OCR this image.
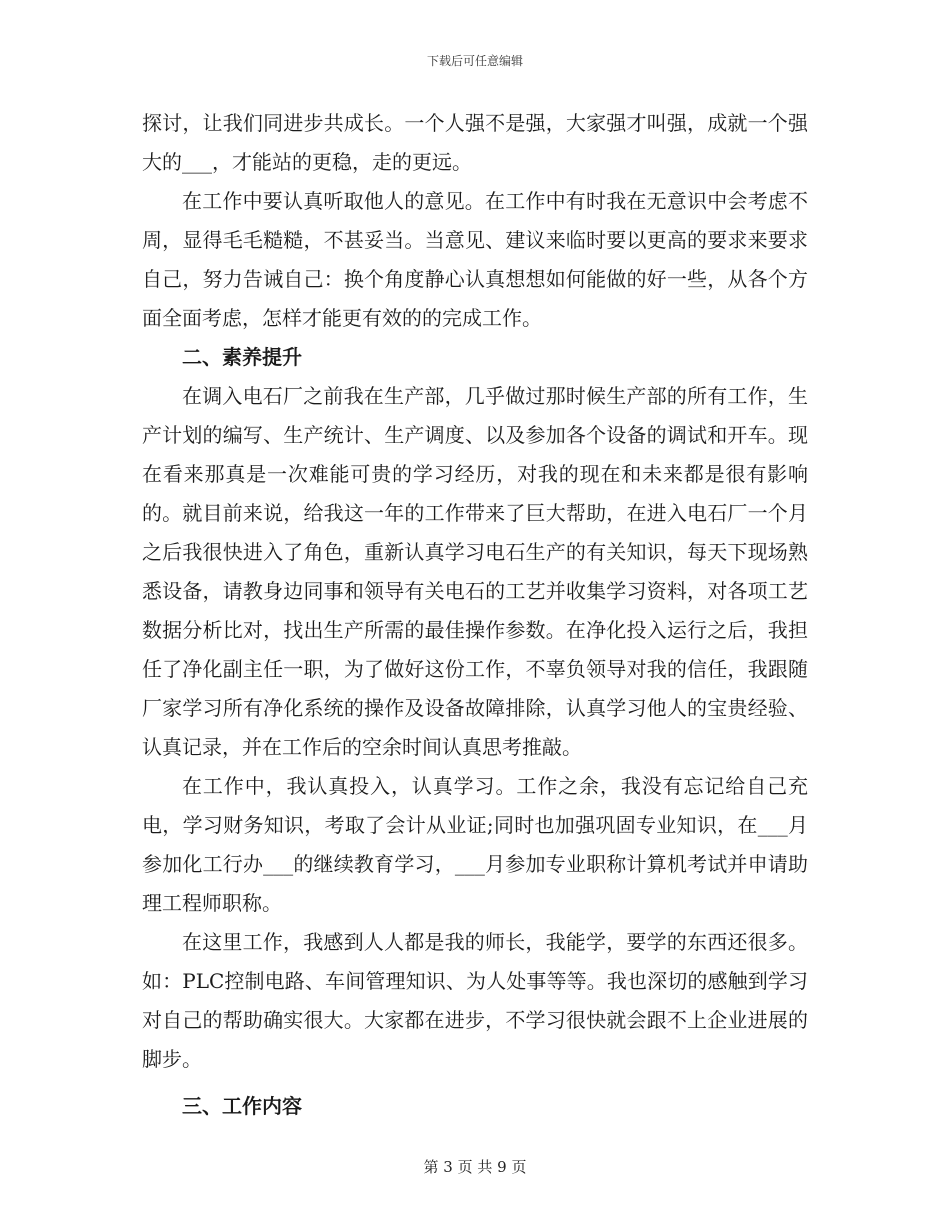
下载后可任意编辑

探讨，让我们同进步共成长。一个人强不是强，大家强才叫强，成就一个强大的___，才能站的更稳，走的更远。

在工作中要认真听取他人的意见。在工作中有时我在无意识中会考虑不周，显得毛毛糙糙，不甚妥当。当意见、建议来临时要以更高的要求来要求自己，努力告诫自己：换个角度静心认真想想如何能做的好一些，从各个方面全面考虑，怎样才能更有效的的完成工作。

二、素养提升

在调入电石厂之前我在生产部，几乎做过那时候生产部的所有工作，生产计划的编写、生产统计、生产调度、以及参加各个设备的调试和开车。现在看来那真是一次难能可贵的学习经历，对我的现在和未来都是很有影响的。就目前来说，给我这一年的工作带来了巨大帮助，在进入电石厂一个月之后我很快进入了角色，重新认真学习电石生产的有关知识，每天下现场熟悉设备，请教身边同事和领导有关电石的工艺并收集学习资料，对各项工艺数据分析比对，找出生产所需的最佳操作参数。在净化投入运行之后，我担任了净化副主任一职，为了做好这份工作，不辜负领导对我的信任，我跟随厂家学习所有净化系统的操作及设备故障排除，认真学习他人的宝贵经验、认真记录，并在工作后的空余时间认真思考推敲。

在工作中，我认真投入，认真学习。工作之余，我没有忘记给自己充电，学习财务知识，考取了会计从业证;同时也加强巩固专业知识，在___月参加化工行办___的继续教育学习，___月参加专业职称计算机考试并申请助理工程师职称。

在这里工作，我感到人人都是我的师长，我能学，要学的东西还很多。如：PLC控制电路、车间管理知识、为人处事等等。我也深切的感触到学习对自己的帮助确实很大。大家都在进步，不学习很快就会跟不上企业进展的脚步。

三、工作内容

第 3 页 共 9 页
